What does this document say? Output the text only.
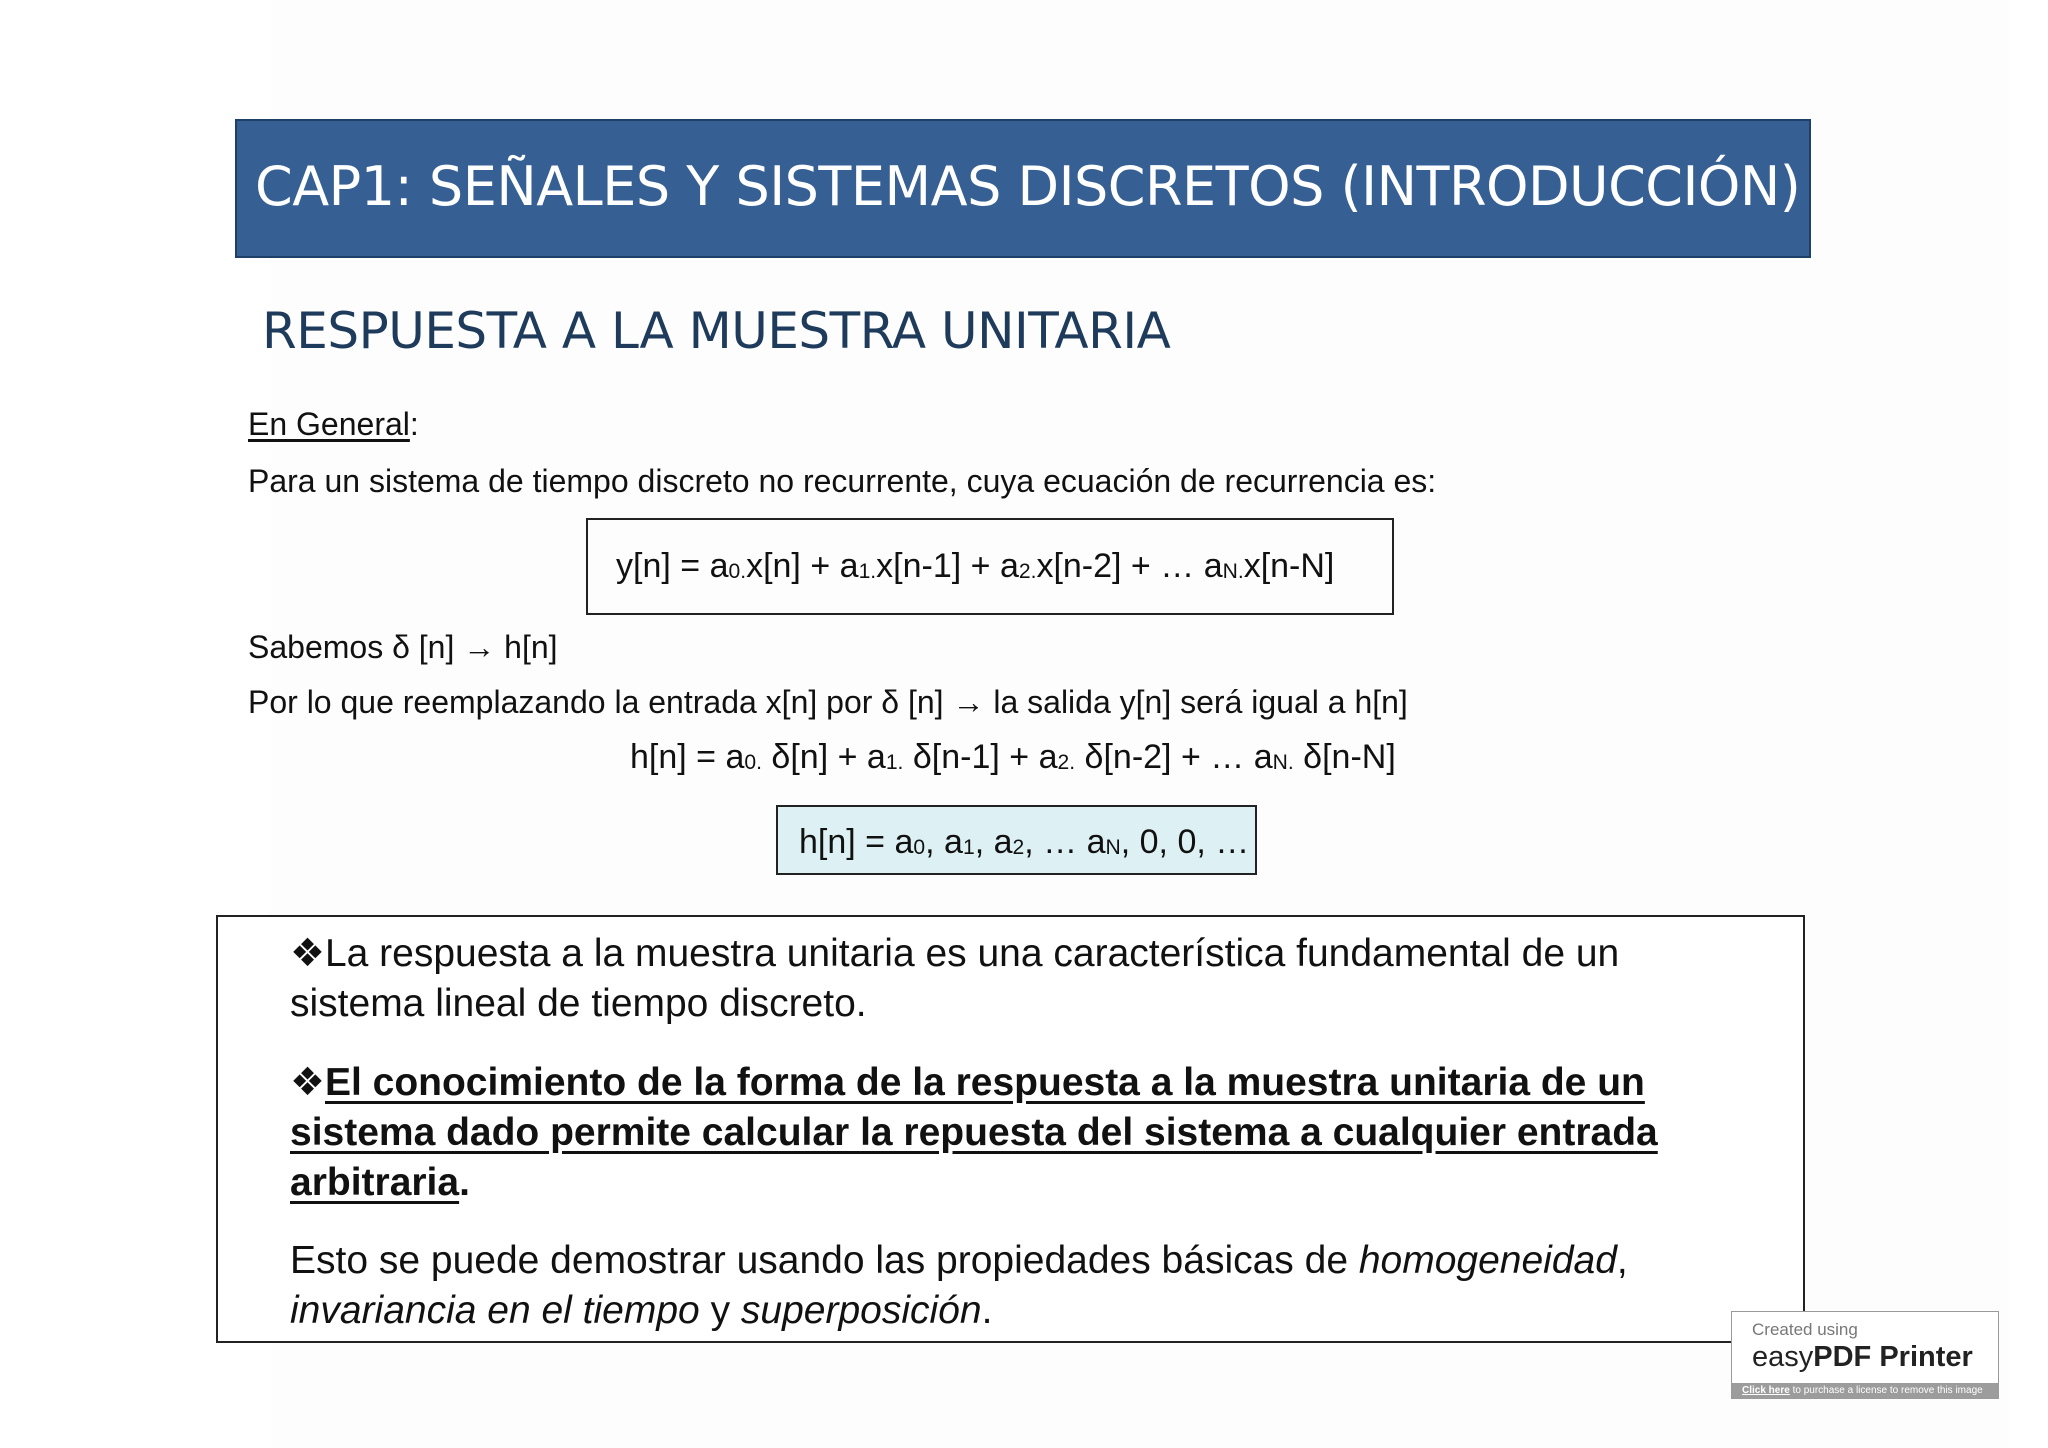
CAP1: SEÑALES Y SISTEMAS DISCRETOS (INTRODUCCIÓN)
RESPUESTA A LA MUESTRA UNITARIA

En General:

Para un sistema de tiempo discreto no recurrente, cuya ecuación de recurrencia es:

$y[n] = a_{0.}x[n] + a_{1.}x[n-1] + a_{2.}x[n-2]$ + … $a_{N.}x[n-N]$

Sabemos δ [n] → h[n]

Por lo que reemplazando la entrada x[n] por δ [n] → la salida y[n] será igual a h[n]

$h[n] = a_{0.}$ $\delta[n] + a_{1.}$ $\delta[n-1] + a_{2.}$ δ[n-2] + … $a_{N.}$ δ[n-N]
$h[n] = a_0$, $a_1$, $a_2$, … $a_N$, 0, 0, …

❖La respuesta a la muestra unitaria es una característica fundamental de un sistema lineal de tiempo discreto.

❖El conocimiento de la forma de la respuesta a la muestra unitaria de un sistema dado permite calcular la repuesta del sistema a cualquier entrada arbitraria.

Esto se puede demostrar usando las propiedades básicas de homogeneidad, invariancia en el tiempo y superposición.	Created using
easyPDF Printer
Click here to purchase a license to remove this image
